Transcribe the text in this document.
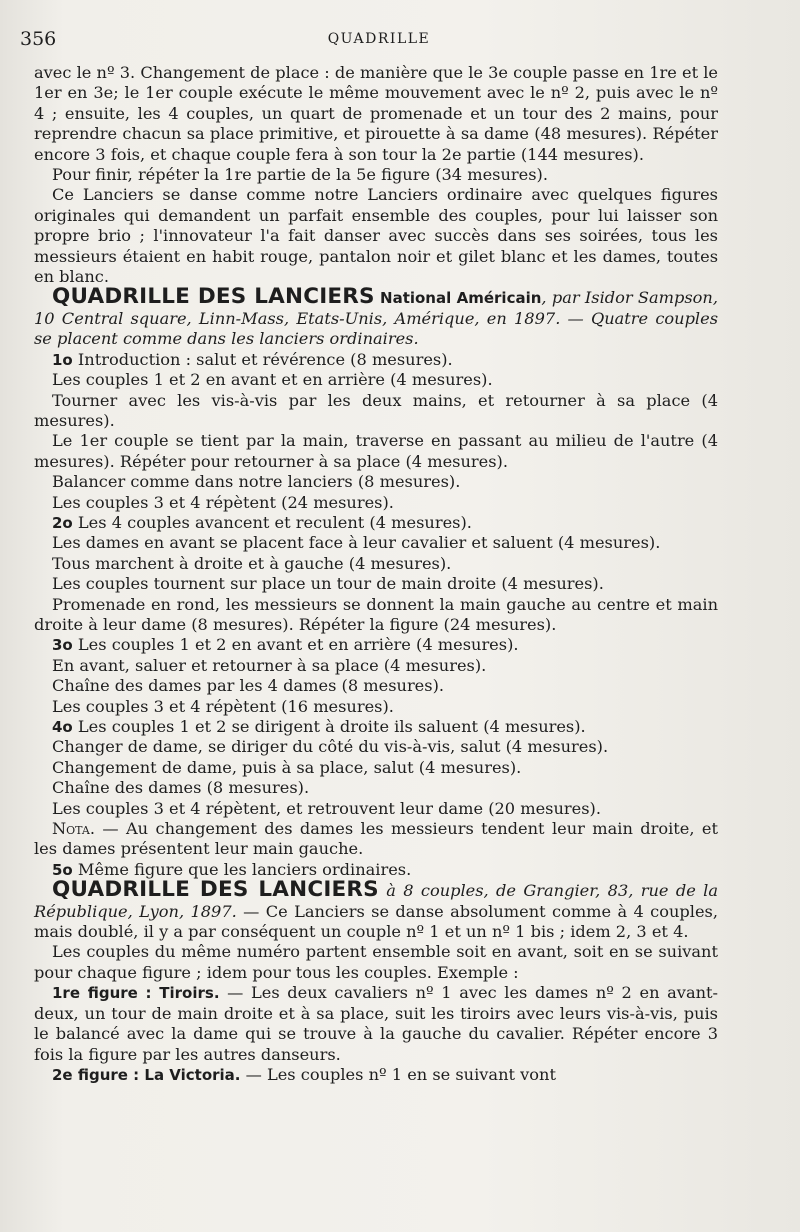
356	QUADRILLE

avec le nº 3. Changement de place : de manière que le 3e couple passe en 1re et le 1er en 3e; le 1er couple exécute le même mouvement avec le nº 2, puis avec le nº 4 ; ensuite, les 4 couples, un quart de promenade et un tour des 2 mains, pour reprendre chacun sa place primitive, et pirouette à sa dame (48 mesures). Répéter encore 3 fois, et chaque couple fera à son tour la 2e partie (144 mesures).

Pour finir, répéter la 1re partie de la 5e figure (34 mesures).

Ce Lanciers se danse comme notre Lanciers ordinaire avec quelques figures originales qui demandent un parfait ensemble des couples, pour lui laisser son propre brio ; l'innovateur l'a fait danser avec succès dans ses soirées, tous les messieurs étaient en habit rouge, pantalon noir et gilet blanc et les dames, toutes en blanc.

QUADRILLE DES LANCIERS National Américain, par Isidor Sampson, 10 Central square, Linn-Mass, Etats-Unis, Amérique, en 1897. — Quatre couples se placent comme dans les lanciers ordinaires.

1o Introduction : salut et révérence (8 mesures).

Les couples 1 et 2 en avant et en arrière (4 mesures).

Tourner avec les vis-à-vis par les deux mains, et retourner à sa place (4 mesures).

Le 1er couple se tient par la main, traverse en passant au milieu de l'autre (4 mesures). Répéter pour retourner à sa place (4 mesures).

Balancer comme dans notre lanciers (8 mesures).

Les couples 3 et 4 répètent (24 mesures).

2o Les 4 couples avancent et reculent (4 mesures).

Les dames en avant se placent face à leur cavalier et saluent (4 mesures).

Tous marchent à droite et à gauche (4 mesures).

Les couples tournent sur place un tour de main droite (4 mesures).

Promenade en rond, les messieurs se donnent la main gauche au centre et main droite à leur dame (8 mesures). Répéter la figure (24 mesures).

3o Les couples 1 et 2 en avant et en arrière (4 mesures).

En avant, saluer et retourner à sa place (4 mesures).

Chaîne des dames par les 4 dames (8 mesures).

Les couples 3 et 4 répètent (16 mesures).

4o Les couples 1 et 2 se dirigent à droite ils saluent (4 mesures).

Changer de dame, se diriger du côté du vis-à-vis, salut (4 mesures).

Changement de dame, puis à sa place, salut (4 mesures).

Chaîne des dames (8 mesures).

Les couples 3 et 4 répètent, et retrouvent leur dame (20 mesures).

Nota. — Au changement des dames les messieurs tendent leur main droite, et les dames présentent leur main gauche.

5o Même figure que les lanciers ordinaires.

QUADRILLE DES LANCIERS à 8 couples, de Grangier, 83, rue de la République, Lyon, 1897. — Ce Lanciers se danse absolument comme à 4 couples, mais doublé, il y a par conséquent un couple nº 1 et un nº 1 bis ; idem 2, 3 et 4.

Les couples du même numéro partent ensemble soit en avant, soit en se suivant pour chaque figure ; idem pour tous les couples. Exemple :

1re figure : Tiroirs. — Les deux cavaliers nº 1 avec les dames nº 2 en avant-deux, un tour de main droite et à sa place, suit les tiroirs avec leurs vis-à-vis, puis le balancé avec la dame qui se trouve à la gauche du cavalier. Répéter encore 3 fois la figure par les autres danseurs.

2e figure : La Victoria. — Les couples nº 1 en se suivant vont
